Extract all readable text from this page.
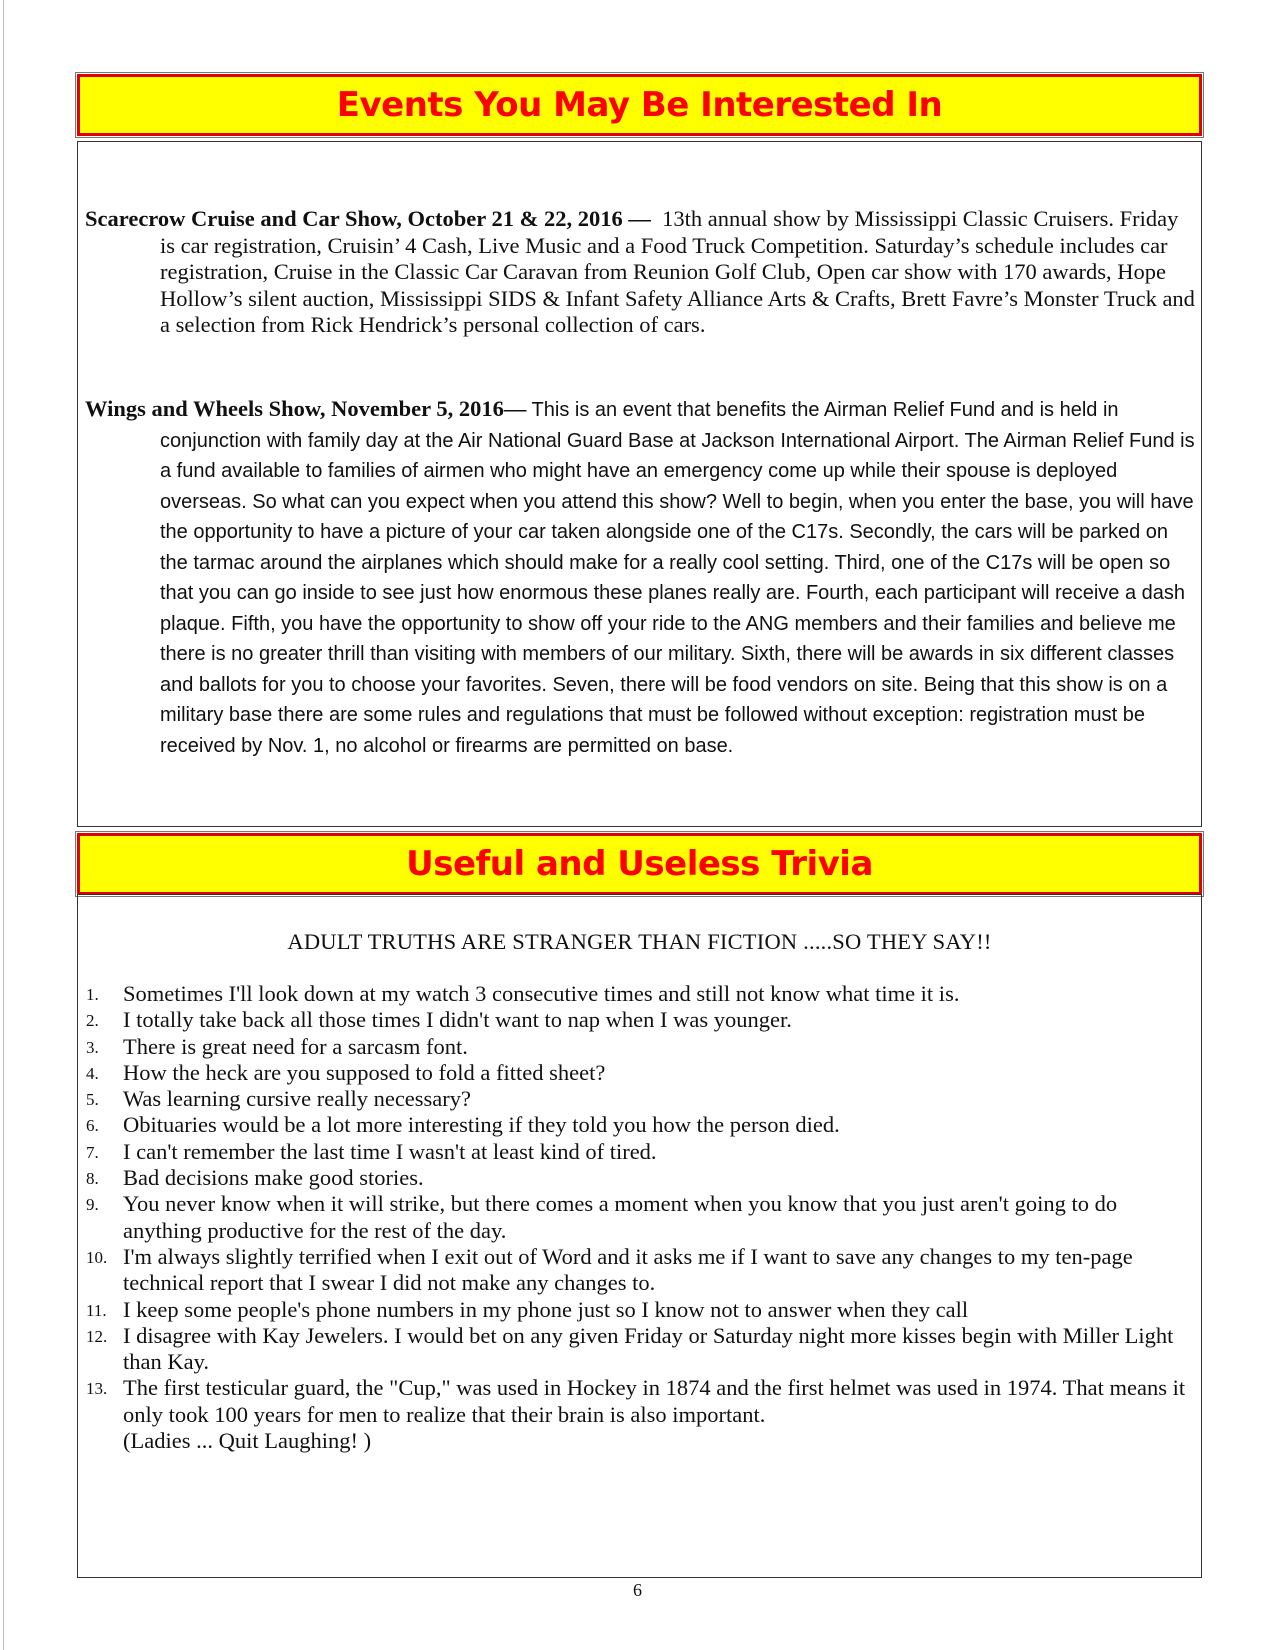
Events You May Be Interested In

Scarecrow Cruise and Car Show, October 21 & 22, 2016 — 13th annual show by Mississippi Classic Cruisers. Friday is car registration, Cruisin’ 4 Cash, Live Music and a Food Truck Competition. Saturday’s schedule includes car registration, Cruise in the Classic Car Caravan from Reunion Golf Club, Open car show with 170 awards, Hope Hollow’s silent auction, Mississippi SIDS & Infant Safety Alliance Arts & Crafts, Brett Favre’s Monster Truck and a selection from Rick Hendrick’s personal collection of cars.

Wings and Wheels Show, November 5, 2016— This is an event that benefits the Airman Relief Fund and is held in conjunction with family day at the Air National Guard Base at Jackson International Airport. The Airman Relief Fund is a fund available to families of airmen who might have an emergency come up while their spouse is deployed overseas. So what can you expect when you attend this show? Well to begin, when you enter the base, you will have the opportunity to have a picture of your car taken alongside one of the C17s. Secondly, the cars will be parked on the tarmac around the airplanes which should make for a really cool setting. Third, one of the C17s will be open so that you can go inside to see just how enormous these planes really are. Fourth, each participant will receive a dash plaque. Fifth, you have the opportunity to show off your ride to the ANG members and their families and believe me there is no greater thrill than visiting with members of our military. Sixth, there will be awards in six different classes and ballots for you to choose your favorites. Seven, there will be food vendors on site. Being that this show is on a military base there are some rules and regulations that must be followed without exception: registration must be received by Nov. 1, no alcohol or firearms are permitted on base.

Useful and Useless Trivia
ADULT TRUTHS ARE STRANGER THAN FICTION .....SO THEY SAY!!
1. Sometimes I'll look down at my watch 3 consecutive times and still not know what time it is.
2. I totally take back all those times I didn't want to nap when I was younger.
3. There is great need for a sarcasm font.
4. How the heck are you supposed to fold a fitted sheet?
5. Was learning cursive really necessary?
6. Obituaries would be a lot more interesting if they told you how the person died.
7. I can't remember the last time I wasn't at least kind of tired.
8. Bad decisions make good stories.
9. You never know when it will strike, but there comes a moment when you know that you just aren't going to do anything productive for the rest of the day.
10. I'm always slightly terrified when I exit out of Word and it asks me if I want to save any changes to my ten-page technical report that I swear I did not make any changes to.
11. I keep some people's phone numbers in my phone just so I know not to answer when they call
12. I disagree with Kay Jewelers. I would bet on any given Friday or Saturday night more kisses begin with Miller Light than Kay.
13. The first testicular guard, the "Cup," was used in Hockey in 1874 and the first helmet was used in 1974. That means it only took 100 years for men to realize that their brain is also important.
(Ladies ... Quit Laughing! )
6
